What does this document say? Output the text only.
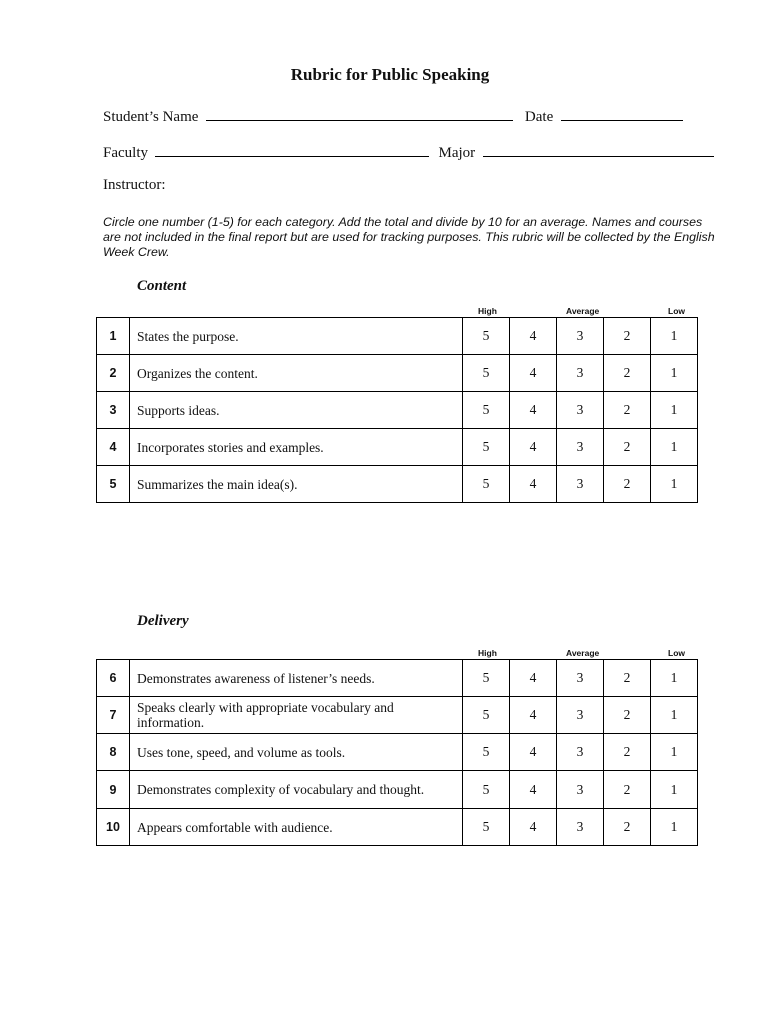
Rubric for Public Speaking
Student’s Name	Date
Faculty	Major
Instructor:
Circle one number (1-5) for each category. Add the total and divide by 10 for an average. Names and courses are not included in the final report but are used for tracking purposes. This rubric will be collected by the English Week Crew.
Content
High	Average	Low
1	States the purpose.	5	4	3	2	1
2	Organizes the content.	5	4	3	2	1
3	Supports ideas.	5	4	3	2	1
4	Incorporates stories and examples.	5	4	3	2	1
5	Summarizes the main idea(s).	5	4	3	2	1
Delivery
High	Average	Low
6	Demonstrates awareness of listener’s needs.	5	4	3	2	1
7	Speaks clearly with appropriate vocabulary and information.	5	4	3	2	1
8	Uses tone, speed, and volume as tools.	5	4	3	2	1
9	Demonstrates complexity of vocabulary and thought.	5	4	3	2	1
10	Appears comfortable with audience.	5	4	3	2	1
